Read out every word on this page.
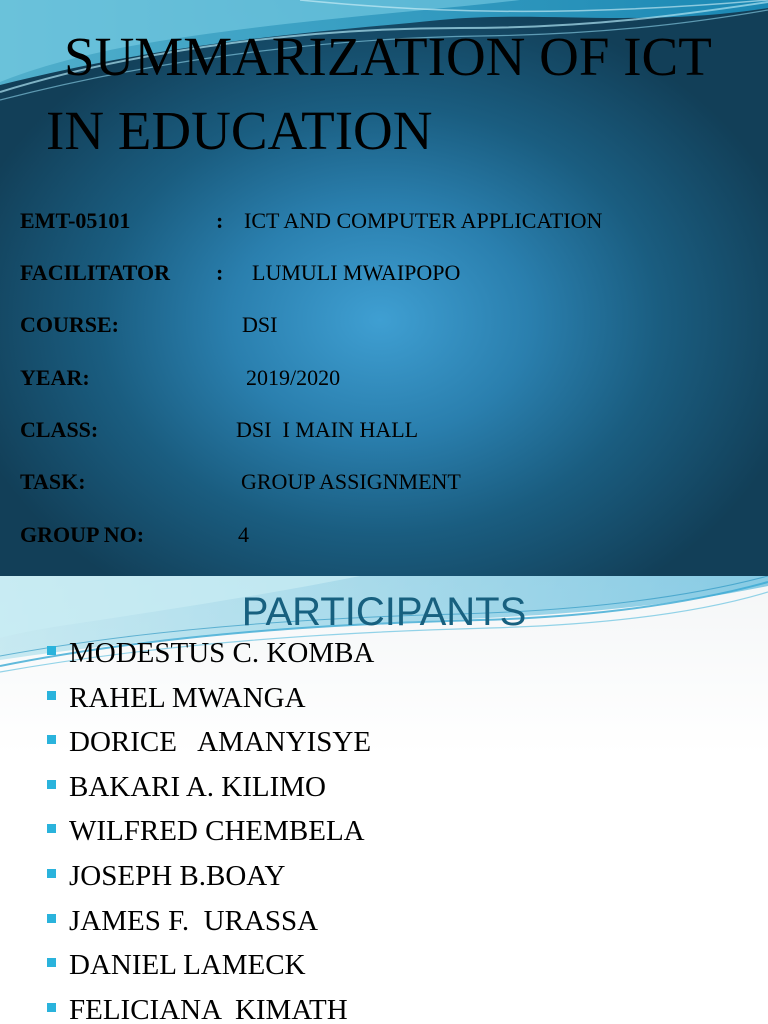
SUMMARIZATION OF ICT IN EDUCATION
EMT-05101	: ICT AND COMPUTER APPLICATION
FACILITATOR : LUMULI MWAIPOPO
COURSE:	DSI
YEAR:	2019/2020
CLASS:	DSI  I MAIN HALL
TASK:	GROUP ASSIGNMENT
GROUP NO:	4
PARTICIPANTS
MODESTUS C. KOMBA
RAHEL MWANGA
DORICE   AMANYISYE
BAKARI A. KILIMO
WILFRED CHEMBELA
JOSEPH B.BOAY
JAMES F.  URASSA
DANIEL LAMECK
FELICIANA  KIMATH
